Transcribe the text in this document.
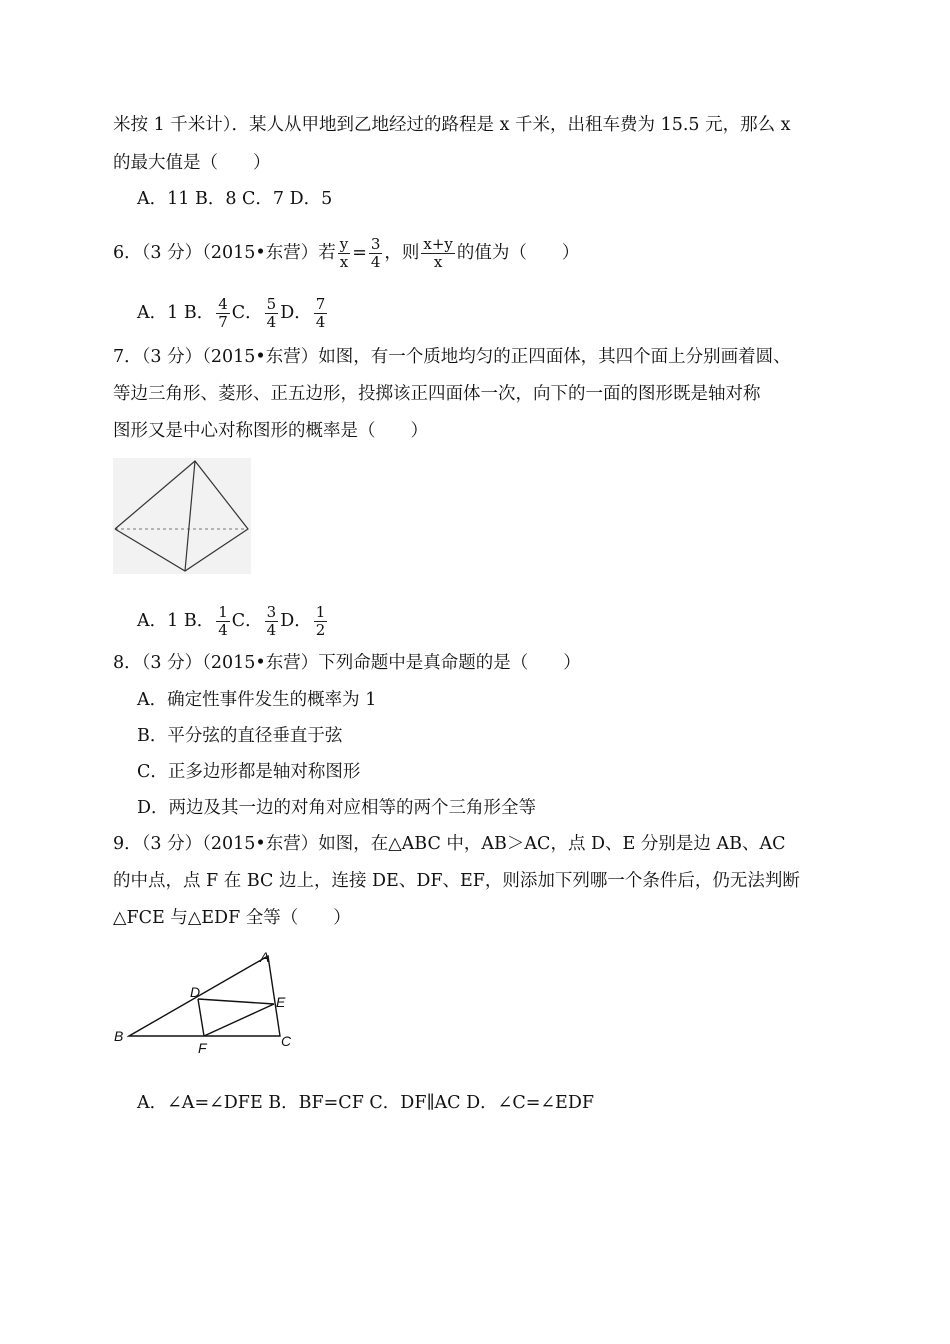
米按 1 千米计）．某人从甲地到乙地经过的路程是 x 千米，出租车费为 15.5 元，那么 x
的最大值是（　　）
A．11 B．8 C．7 D．5
6．（3 分）（2015•东营）若 $\frac{y}{x} = \frac{3}{4}$ ，则 $\frac{x+y}{x}$ 的值为（　　）
A．1 B． $\frac{4}{7}$ C． $\frac{5}{4}$ D． $\frac{7}{4}$
7．（3 分）（2015•东营）如图，有一个质地均匀的正四面体，其四个面上分别画着圆、
等边三角形、菱形、正五边形，投掷该正四面体一次，向下的一面的图形既是轴对称
图形又是中心对称图形的概率是（　　）
A．1 B． $\frac{1}{4}$ C． $\frac{3}{4}$ D． $\frac{1}{2}$
8．（3 分）（2015•东营）下列命题中是真命题的是（　　）
A．确定性事件发生的概率为 1
B．平分弦的直径垂直于弦
C．正多边形都是轴对称图形
D．两边及其一边的对角对应相等的两个三角形全等
9．（3 分）（2015•东营）如图，在△ABC 中，AB＞AC，点 D、E 分别是边 AB、AC
的中点，点 F 在 BC 边上，连接 DE、DF、EF，则添加下列哪一个条件后，仍无法判断
△FCE 与△EDF 全等（　　）
A
B	C
D
E
F
A．∠A=∠DFE B．BF=CF C．DF∥AC D．∠C=∠EDF
